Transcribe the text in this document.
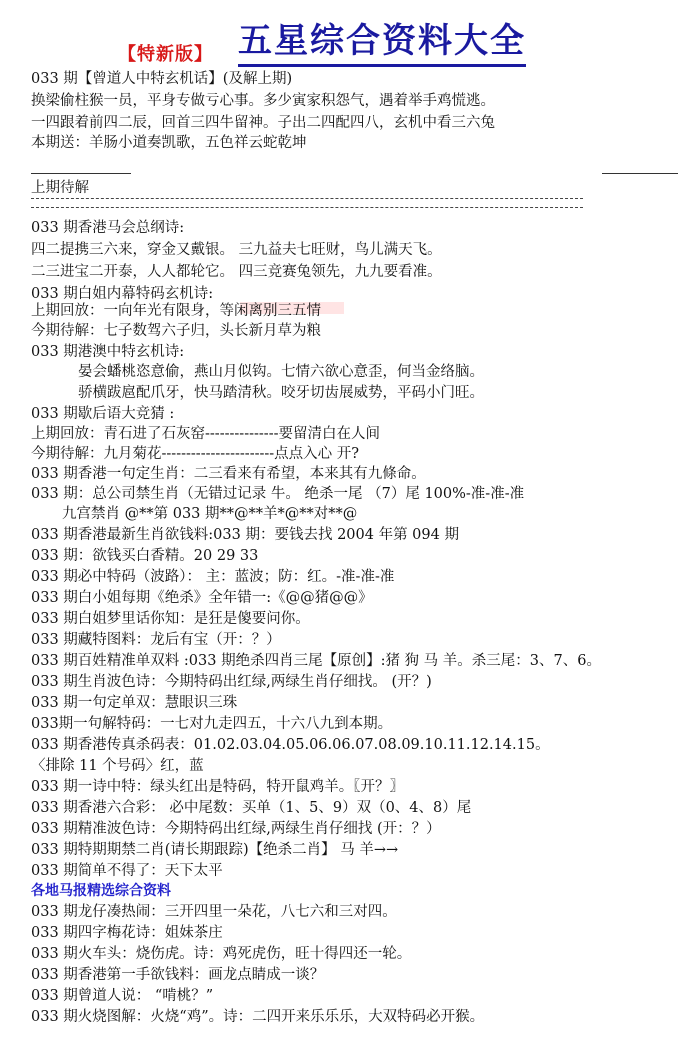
【特新版】 五星综合资料大全
033 期【曾道人中特玄机话】(及解上期)
换梁偷柱猴一员，平身专做亏心事。多少寅家积怨气，遇着举手鸡慌逃。
一四跟着前四二辰，回首三四牛留神。子出二四配四八，玄机中看三六兔
本期送：羊肠小道奏凯歌，五色祥云蛇乾坤
上期待解
033 期香港马会总纲诗:
四二提携三六来，穿金又戴银。 三九益夫七旺财，鸟儿满天飞。
二三进宝二开泰，人人都轮它。 四三竞赛兔领先，九九要看准。
033 期白姐内幕特码玄机诗:
上期回放：一向年光有限身，等闲离别三五情
今期待解：七子数驾六子归，头长新月草为粮
033 期港澳中特玄机诗:
晏会蟠桃恣意偷，燕山月似钩。七情六欲心意歪，何当金络脑。
骄横跋扈配爪牙，快马踏清秋。咬牙切齿展威势，平码小门旺。
033 期歇后语大竞猜 :
上期回放：青石进了石灰窑---------------要留清白在人间
今期待解：九月菊花-----------------------点点入心 开?
033 期香港一句定生肖：二三看来有希望，本来其有九條命。
033 期：总公司禁生肖（无错过记录 牛。 绝杀一尾 （7）尾 100%-准-准-准
九宫禁肖 @**第 033 期**@**羊*@**对**@
033 期香港最新生肖欲钱料:033 期：要钱去找 2004 年第 094 期
033 期：欲钱买白香精。20 29 33
033 期必中特码（波路）： 主：蓝波；防：红。-准-准-准
033 期白小姐每期《绝杀》全年错一:《@@猪@@》
033 期白姐梦里话你知：是狂是傻要问你。
033 期藏特图料：龙后有宝（开：？）
033 期百姓精准单双料 :033 期绝杀四肖三尾【原创】:猪 狗 马 羊。杀三尾：3、7、6。
033 期生肖波色诗：今期特码出红绿,两绿生肖仔细找。 (开？)
033 期一句定单双：慧眼识三珠
033期一句解特码：一七对九走四五，十六八九到本期。
033 期香港传真杀码表：01.02.03.04.05.06.06.07.08.09.10.11.12.14.15。
〈排除 11 个号码〉红，蓝
033 期一诗中特：绿头红出是特码，特开鼠鸡羊。〖开？〗
033 期香港六合彩： 必中尾数：买单（1、5、9）双（0、4、8）尾
033 期精准波色诗：今期特码出红绿,两绿生肖仔细找 (开：？）
033 期特期期禁二肖(请长期跟踪)【绝杀二肖】 马 羊→→
033 期简单不得了：天下太平
各地马报精选综合资料
033 期龙仔凑热闹：三开四里一朵花，八七六和三对四。
033 期四字梅花诗：姐妹茶庄
033 期火车头：烧伤虎。诗：鸡死虎伤，旺十得四还一轮。
033 期香港第一手欲钱料：画龙点睛成一谈？
033 期曾道人说： “啃桃？”
033 期火烧图解：火烧“鸡”。诗：二四开来乐乐乐，大双特码必开猴。
